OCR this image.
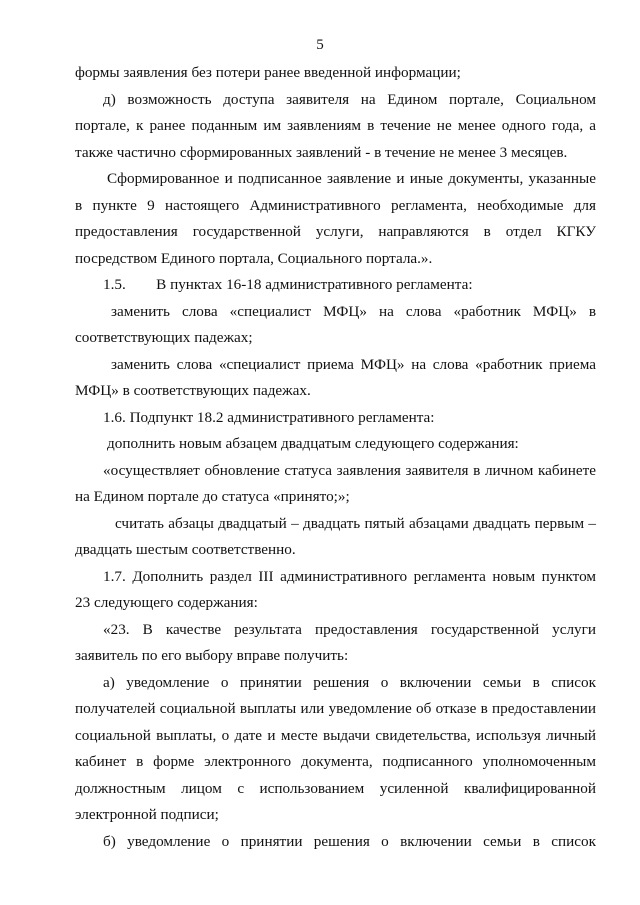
5
формы заявления без потери ранее введенной информации;
д) возможность доступа заявителя на Едином портале, Социальном
портале, к ранее поданным им заявлениям в течение не менее одного года, а
также частично сформированных заявлений - в течение не менее 3 месяцев.
Сформированное и подписанное заявление и иные документы, указанные
в пункте 9 настоящего Административного регламента, необходимые для
предоставления государственной услуги, направляются в отдел КГКУ
посредством Единого портала, Социального портала.».
1.5.        В пунктах 16-18 административного регламента:
заменить слова «специалист МФЦ» на слова «работник МФЦ» в
соответствующих падежах;
заменить слова «специалист приема МФЦ» на слова «работник приема
МФЦ» в соответствующих падежах.
1.6. Подпункт 18.2 административного регламента:
дополнить новым абзацем двадцатым следующего содержания:
«осуществляет обновление статуса заявления заявителя в личном кабинете
на Едином портале до статуса «принято;»;
считать абзацы двадцатый – двадцать пятый абзацами двадцать первым –
двадцать шестым соответственно.
1.7. Дополнить раздел III административного регламента новым пунктом
23 следующего содержания:
«23. В качестве результата предоставления государственной услуги
заявитель по его выбору вправе получить:
а) уведомление о принятии решения о включении семьи в список
получателей социальной выплаты или уведомление об отказе в предоставлении
социальной выплаты, о дате и месте выдачи свидетельства, используя личный
кабинет в форме электронного документа, подписанного уполномоченным
должностным лицом с использованием усиленной квалифицированной
электронной подписи;
б) уведомление о принятии решения о включении семьи в список
